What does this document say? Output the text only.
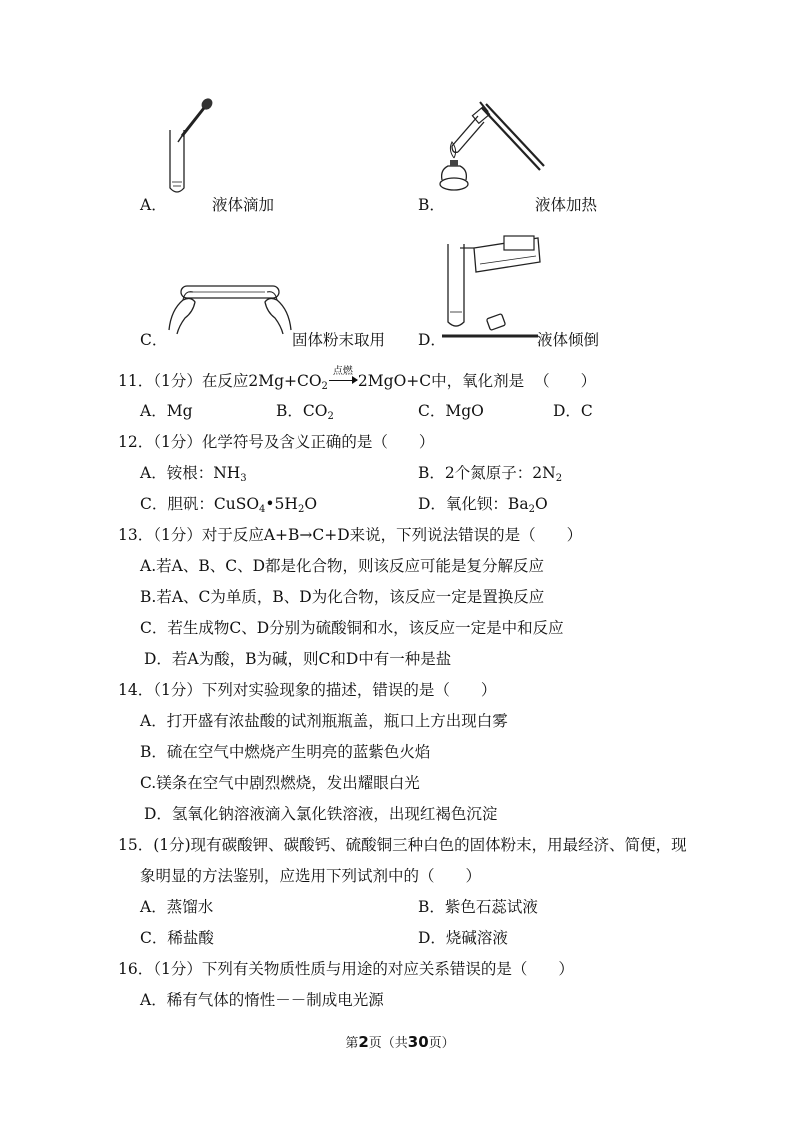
A．	液体滴加	B．	液体加热
C．	固体粉末取用 D．	液体倾倒
11．（1分）在反应$2Mg+CO_2$
点燃
2MgO+C中，氧化剂是 （　　）
A．Mg	B．$CO_2$	C．MgO	D．C
12．（1分）化学符号及含义正确的是（　　）
A．铵根：$NH_3$	B．2个氮原子：$2N_2$
C．胆矾：$CuSO_4•5H_2O$	D．氧化钡：$Ba_2O$
13．（1分）对于反应A+B→C+D来说，下列说法错误的是（　　）
A.若A、B、C、D都是化合物，则该反应可能是复分解反应
B.若A、C为单质，B、D为化合物，该反应一定是置换反应
C．若生成物C、D分别为硫酸铜和水，该反应一定是中和反应
D．若A为酸，B为碱，则C和D中有一种是盐
14．（1分）下列对实验现象的描述，错误的是（　　）
A．打开盛有浓盐酸的试剂瓶瓶盖，瓶口上方出现白雾
B．硫在空气中燃烧产生明亮的蓝紫色火焰
C.镁条在空气中剧烈燃烧，发出耀眼白光
D．氢氧化钠溶液滴入氯化铁溶液，出现红褐色沉淀
15．(1分)现有碳酸钾、碳酸钙、硫酸铜三种白色的固体粉末，用最经济、简便，现
象明显的方法鉴别，应选用下列试剂中的（　　）
A．蒸馏水	B．紫色石蕊试液
C．稀盐酸	D．烧碱溶液
16．（1分）下列有关物质性质与用途的对应关系错误的是（　　）
A．稀有气体的惰性－－制成电光源
第2页（共30页）
